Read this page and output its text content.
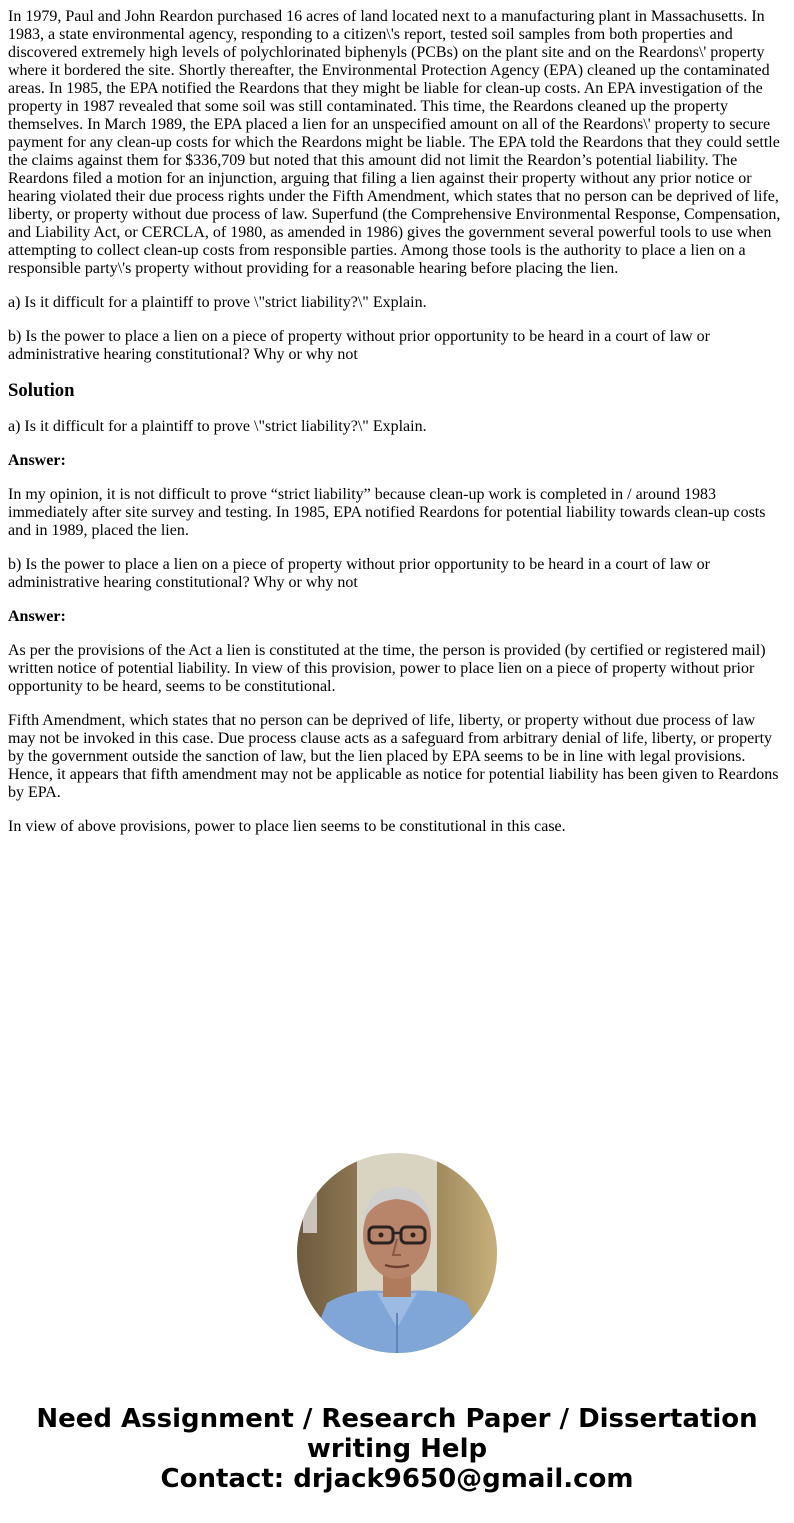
In 1979, Paul and John Reardon purchased 16 acres of land located next to a manufacturing plant in Massachusetts. In 1983, a state environmental agency, responding to a citizen\'s report, tested soil samples from both properties and discovered extremely high levels of polychlorinated biphenyls (PCBs) on the plant site and on the Reardons\' property where it bordered the site. Shortly thereafter, the Environmental Protection Agency (EPA) cleaned up the contaminated areas. In 1985, the EPA notified the Reardons that they might be liable for clean-up costs. An EPA investigation of the property in 1987 revealed that some soil was still contaminated. This time, the Reardons cleaned up the property themselves. In March 1989, the EPA placed a lien for an unspecified amount on all of the Reardons\' property to secure payment for any clean-up costs for which the Reardons might be liable. The EPA told the Reardons that they could settle the claims against them for $336,709 but noted that this amount did not limit the Reardon’s potential liability. The Reardons filed a motion for an injunction, arguing that filing a lien against their property without any prior notice or hearing violated their due process rights under the Fifth Amendment, which states that no person can be deprived of life, liberty, or property without due process of law. Superfund (the Comprehensive Environmental Response, Compensation, and Liability Act, or CERCLA, of 1980, as amended in 1986) gives the government several powerful tools to use when attempting to collect clean-up costs from responsible parties. Among those tools is the authority to place a lien on a responsible party\'s property without providing for a reasonable hearing before placing the lien.

a) Is it difficult for a plaintiff to prove \"strict liability?\" Explain.

b) Is the power to place a lien on a piece of property without prior opportunity to be heard in a court of law or administrative hearing constitutional? Why or why not

Solution

a) Is it difficult for a plaintiff to prove \"strict liability?\" Explain.

Answer:

In my opinion, it is not difficult to prove “strict liability” because clean-up work is completed in / around 1983 immediately after site survey and testing. In 1985, EPA notified Reardons for potential liability towards clean-up costs and in 1989, placed the lien.

b) Is the power to place a lien on a piece of property without prior opportunity to be heard in a court of law or administrative hearing constitutional? Why or why not

Answer:

As per the provisions of the Act a lien is constituted at the time, the person is provided (by certified or registered mail) written notice of potential liability. In view of this provision, power to place lien on a piece of property without prior opportunity to be heard, seems to be constitutional.

Fifth Amendment, which states that no person can be deprived of life, liberty, or property without due process of law may not be invoked in this case. Due process clause acts as a safeguard from arbitrary denial of life, liberty, or property by the government outside the sanction of law, but the lien placed by EPA seems to be in line with legal provisions. Hence, it appears that fifth amendment may not be applicable as notice for potential liability has been given to Reardons by EPA.

In view of above provisions, power to place lien seems to be constitutional in this case.

Need Assignment / Research Paper / Dissertation
writing Help
Contact: drjack9650@gmail.com
